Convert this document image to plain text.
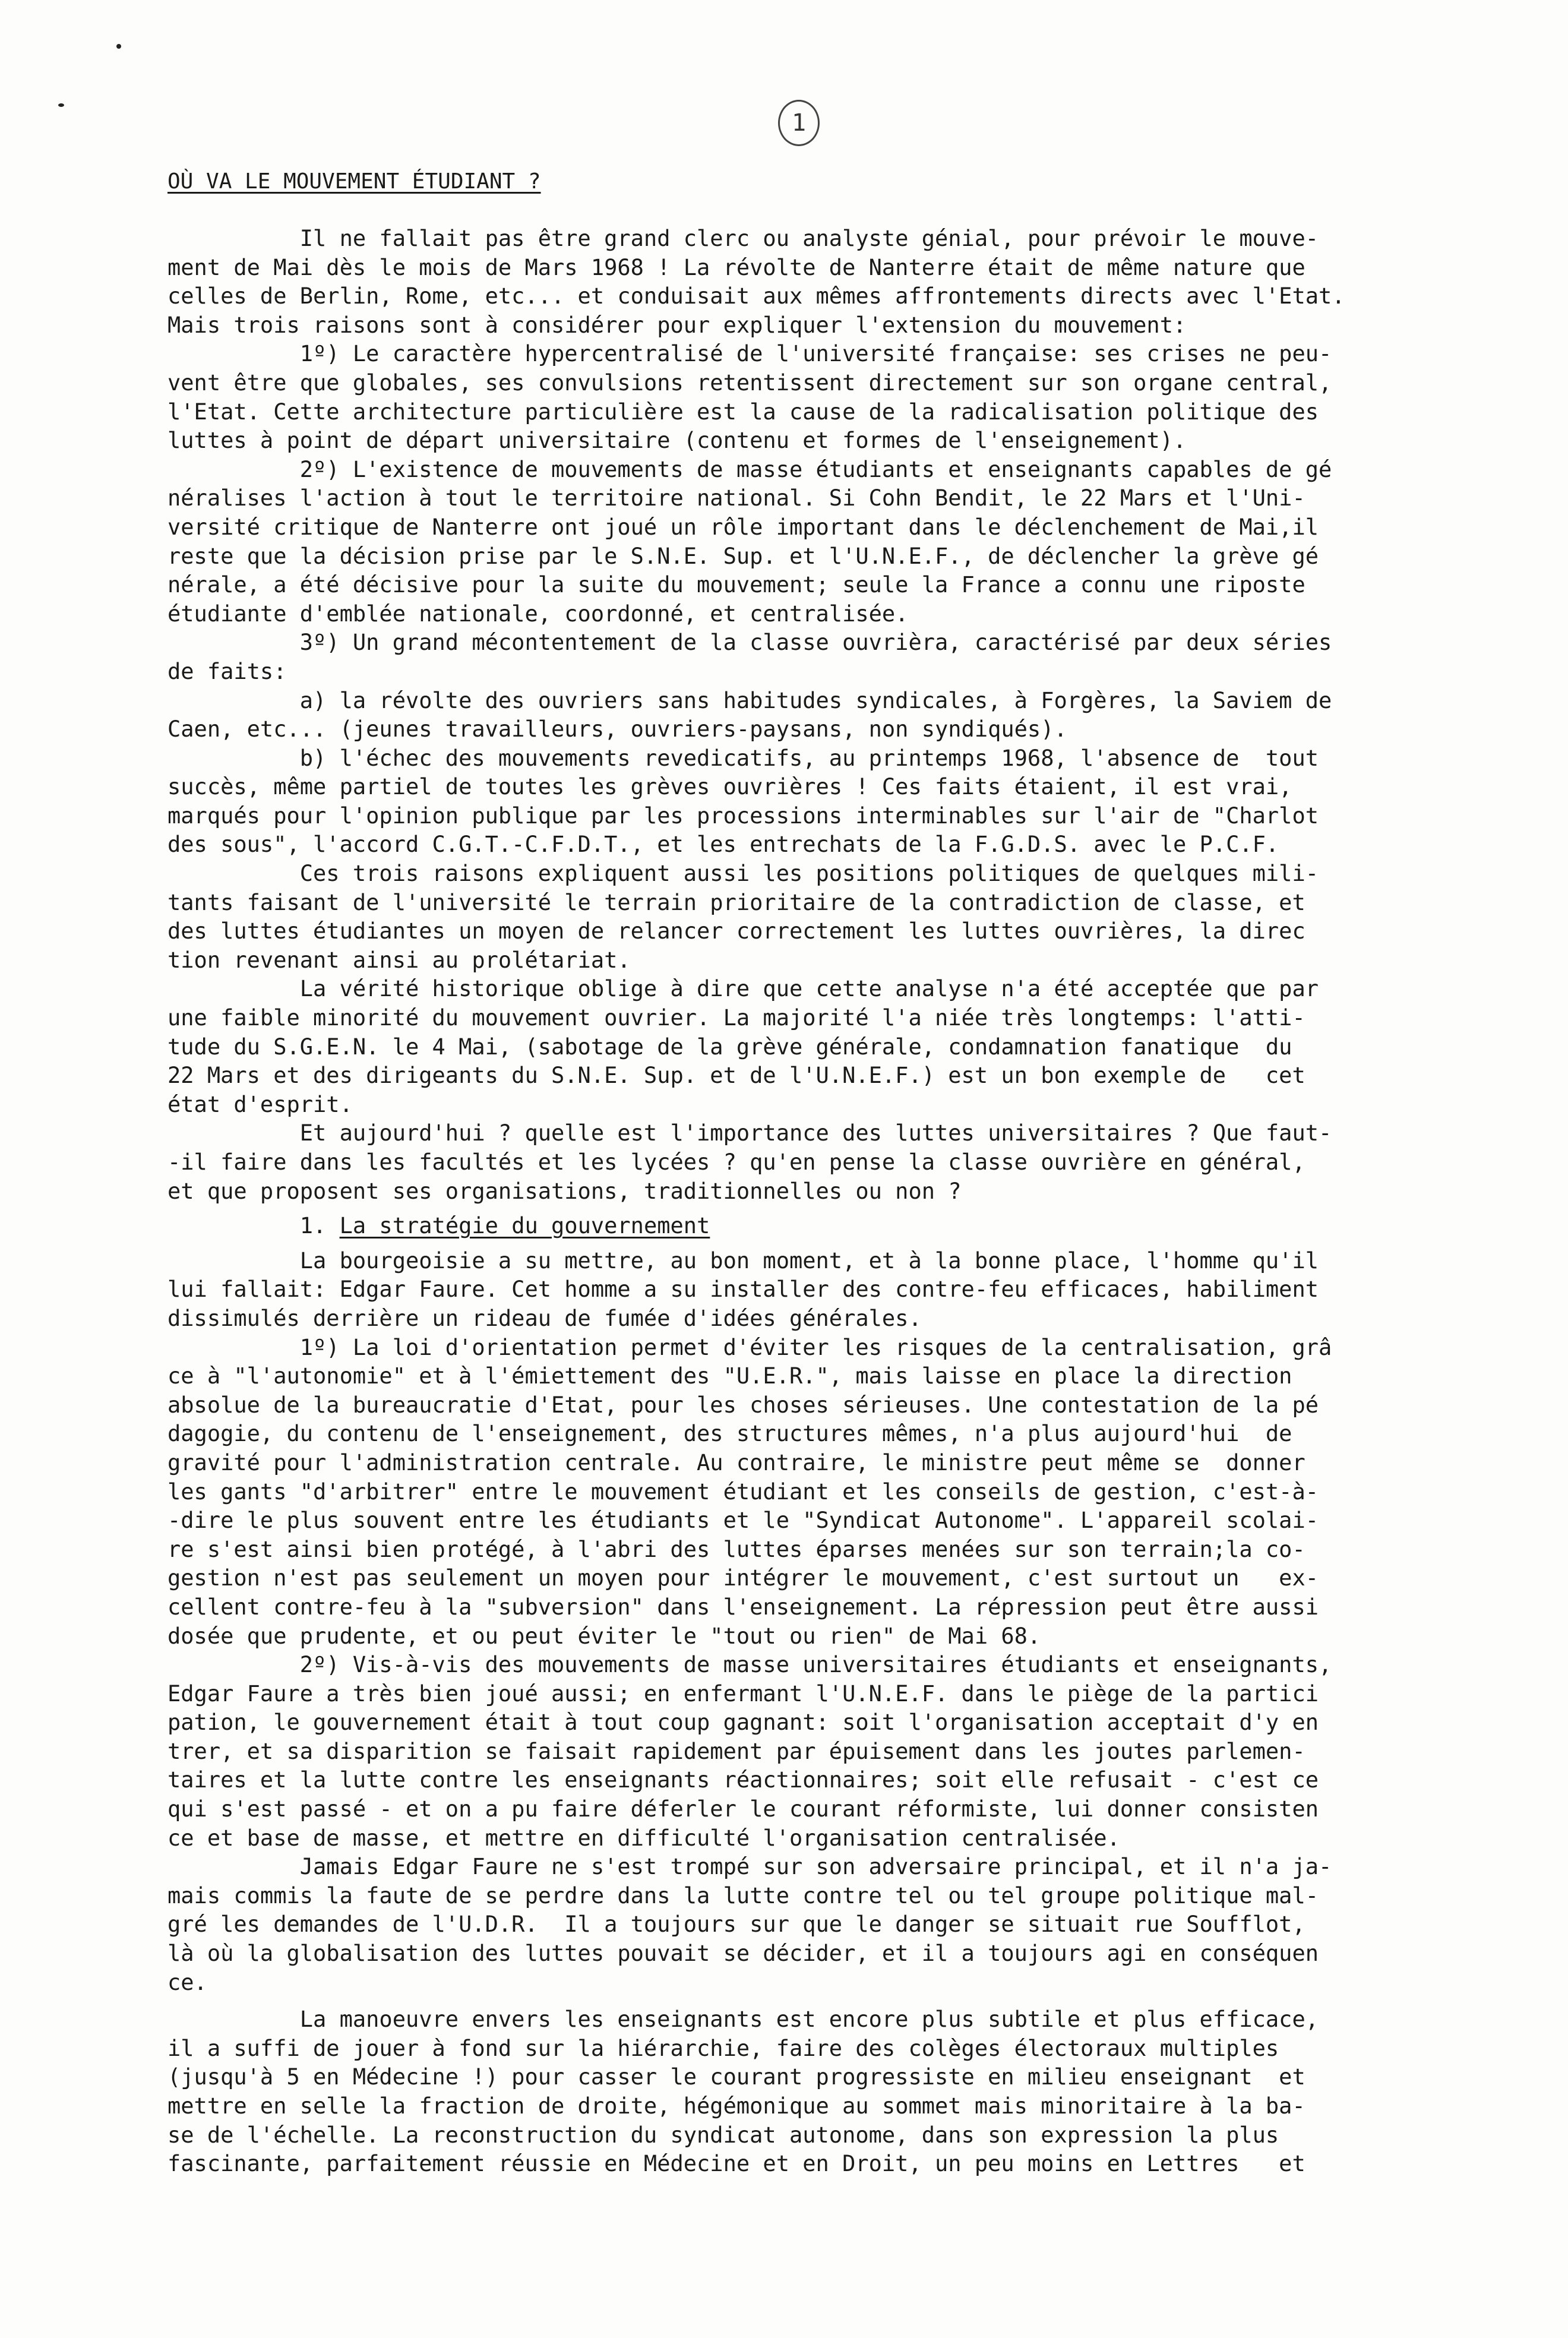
1
OÙ VA LE MOUVEMENT ÉTUDIANT ?
Il ne fallait pas être grand clerc ou analyste génial, pour prévoir le mouve-
ment de Mai dès le mois de Mars 1968 ! La révolte de Nanterre était de même nature que
celles de Berlin, Rome, etc... et conduisait aux mêmes affrontements directs avec l'Etat.
Mais trois raisons sont à considérer pour expliquer l'extension du mouvement:
1º) Le caractère hypercentralisé de l'université française: ses crises ne peu-
vent être que globales, ses convulsions retentissent directement sur son organe central,
l'Etat. Cette architecture particulière est la cause de la radicalisation politique des
luttes à point de départ universitaire (contenu et formes de l'enseignement).
2º) L'existence de mouvements de masse étudiants et enseignants capables de gé
néralises l'action à tout le territoire national. Si Cohn Bendit, le 22 Mars et l'Uni-
versité critique de Nanterre ont joué un rôle important dans le déclenchement de Mai,il
reste que la décision prise par le S.N.E. Sup. et l'U.N.E.F., de déclencher la grève gé
nérale, a été décisive pour la suite du mouvement; seule la France a connu une riposte
étudiante d'emblée nationale, coordonné, et centralisée.
3º) Un grand mécontentement de la classe ouvrièra, caractérisé par deux séries
de faits:
a) la révolte des ouvriers sans habitudes syndicales, à Forgères, la Saviem de
Caen, etc... (jeunes travailleurs, ouvriers-paysans, non syndiqués).
b) l'échec des mouvements revedicatifs, au printemps 1968, l'absence de  tout
succès, même partiel de toutes les grèves ouvrières ! Ces faits étaient, il est vrai,
marqués pour l'opinion publique par les processions interminables sur l'air de "Charlot
des sous", l'accord C.G.T.-C.F.D.T., et les entrechats de la F.G.D.S. avec le P.C.F.
Ces trois raisons expliquent aussi les positions politiques de quelques mili-
tants faisant de l'université le terrain prioritaire de la contradiction de classe, et
des luttes étudiantes un moyen de relancer correctement les luttes ouvrières, la direc
tion revenant ainsi au prolétariat.
La vérité historique oblige à dire que cette analyse n'a été acceptée que par
une faible minorité du mouvement ouvrier. La majorité l'a niée très longtemps: l'atti-
tude du S.G.E.N. le 4 Mai, (sabotage de la grève générale, condamnation fanatique  du
22 Mars et des dirigeants du S.N.E. Sup. et de l'U.N.E.F.) est un bon exemple de   cet
état d'esprit.
Et aujourd'hui ? quelle est l'importance des luttes universitaires ? Que faut-
-il faire dans les facultés et les lycées ? qu'en pense la classe ouvrière en général,
et que proposent ses organisations, traditionnelles ou non ?
1. La stratégie du gouvernement
La bourgeoisie a su mettre, au bon moment, et à la bonne place, l'homme qu'il
lui fallait: Edgar Faure. Cet homme a su installer des contre-feu efficaces, habiliment
dissimulés derrière un rideau de fumée d'idées générales.
1º) La loi d'orientation permet d'éviter les risques de la centralisation, grâ
ce à "l'autonomie" et à l'émiettement des "U.E.R.", mais laisse en place la direction
absolue de la bureaucratie d'Etat, pour les choses sérieuses. Une contestation de la pé
dagogie, du contenu de l'enseignement, des structures mêmes, n'a plus aujourd'hui  de
gravité pour l'administration centrale. Au contraire, le ministre peut même se  donner
les gants "d'arbitrer" entre le mouvement étudiant et les conseils de gestion, c'est-à-
-dire le plus souvent entre les étudiants et le "Syndicat Autonome". L'appareil scolai-
re s'est ainsi bien protégé, à l'abri des luttes éparses menées sur son terrain;la co-
gestion n'est pas seulement un moyen pour intégrer le mouvement, c'est surtout un   ex-
cellent contre-feu à la "subversion" dans l'enseignement. La répression peut être aussi
dosée que prudente, et ou peut éviter le "tout ou rien" de Mai 68.
2º) Vis-à-vis des mouvements de masse universitaires étudiants et enseignants,
Edgar Faure a très bien joué aussi; en enfermant l'U.N.E.F. dans le piège de la partici
pation, le gouvernement était à tout coup gagnant: soit l'organisation acceptait d'y en
trer, et sa disparition se faisait rapidement par épuisement dans les joutes parlemen-
taires et la lutte contre les enseignants réactionnaires; soit elle refusait - c'est ce
qui s'est passé - et on a pu faire déferler le courant réformiste, lui donner consisten
ce et base de masse, et mettre en difficulté l'organisation centralisée.
Jamais Edgar Faure ne s'est trompé sur son adversaire principal, et il n'a ja-
mais commis la faute de se perdre dans la lutte contre tel ou tel groupe politique mal-
gré les demandes de l'U.D.R.  Il a toujours sur que le danger se situait rue Soufflot,
là où la globalisation des luttes pouvait se décider, et il a toujours agi en conséquen
ce.
La manoeuvre envers les enseignants est encore plus subtile et plus efficace,
il a suffi de jouer à fond sur la hiérarchie, faire des colèges électoraux multiples
(jusqu'à 5 en Médecine !) pour casser le courant progressiste en milieu enseignant  et
mettre en selle la fraction de droite, hégémonique au sommet mais minoritaire à la ba-
se de l'échelle. La reconstruction du syndicat autonome, dans son expression la plus
fascinante, parfaitement réussie en Médecine et en Droit, un peu moins en Lettres   et
